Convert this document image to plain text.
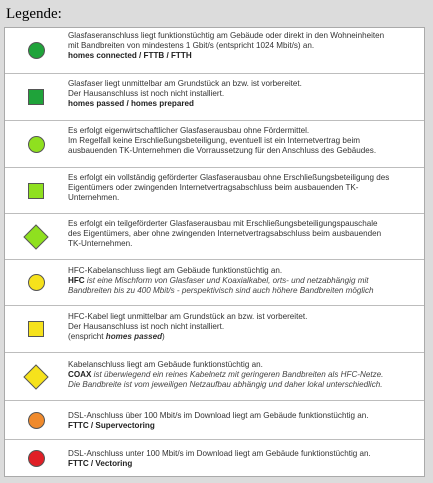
Legende:
Glasfaseranschluss liegt funktionstüchtig am Gebäude oder direkt in den Wohneinheiten
mit Bandbreiten von mindestens 1 Gbit/s (entspricht 1024 Mbit/s) an.
homes connected / FTTB / FTTH
Glasfaser liegt unmittelbar am Grundstück an bzw. ist vorbereitet.
Der Hausanschluss ist noch nicht installiert.
homes passed / homes prepared
Es erfolgt eigenwirtschaftlicher Glasfaserausbau ohne Fördermittel.
Im Regelfall keine Erschließungsbeteiligung, eventuell ist ein Internetvertrag beim
ausbauenden TK-Unternehmen die Vorraussetzung für den Anschluss des Gebäudes.
Es erfolgt ein vollständig geförderter Glasfaserausbau ohne Erschließungsbeteiligung des
Eigentümers oder zwingenden Internetvertragsabschluss beim ausbauenden TK-
Unternehmen.
Es erfolgt ein teilgeförderter Glasfaserausbau mit Erschließungsbeteiligungspauschale
des Eigentümers, aber ohne zwingenden Internetvertragsabschluss beim ausbauenden
TK-Unternehmen.
HFC-Kabelanschluss liegt am Gebäude funktionstüchtig an.
HFC ist eine Mischform von Glasfaser und Koaxialkabel, orts- und netzabhängig mit
Bandbreiten bis zu 400 Mbit/s - perspektivisch sind auch höhere Bandbreiten möglich
HFC-Kabel liegt unmittelbar am Grundstück an bzw. ist vorbereitet.
Der Hausanschluss ist noch nicht installiert.
(enspricht homes passed)
Kabelanschluss liegt am Gebäude funktionstüchtig an.
COAX ist überwiegend ein reines Kabelnetz mit geringeren Bandbreiten als HFC-Netze.
Die Bandbreite ist vom jeweiligen Netzaufbau abhängig und daher lokal unterschiedlich.
DSL-Anschluss über 100 Mbit/s im Download liegt am Gebäude funktionstüchtig an.
FTTC / Supervectoring
DSL-Anschluss unter 100 Mbit/s im Download liegt am Gebäude funktionstüchtig an.
FTTC / Vectoring
